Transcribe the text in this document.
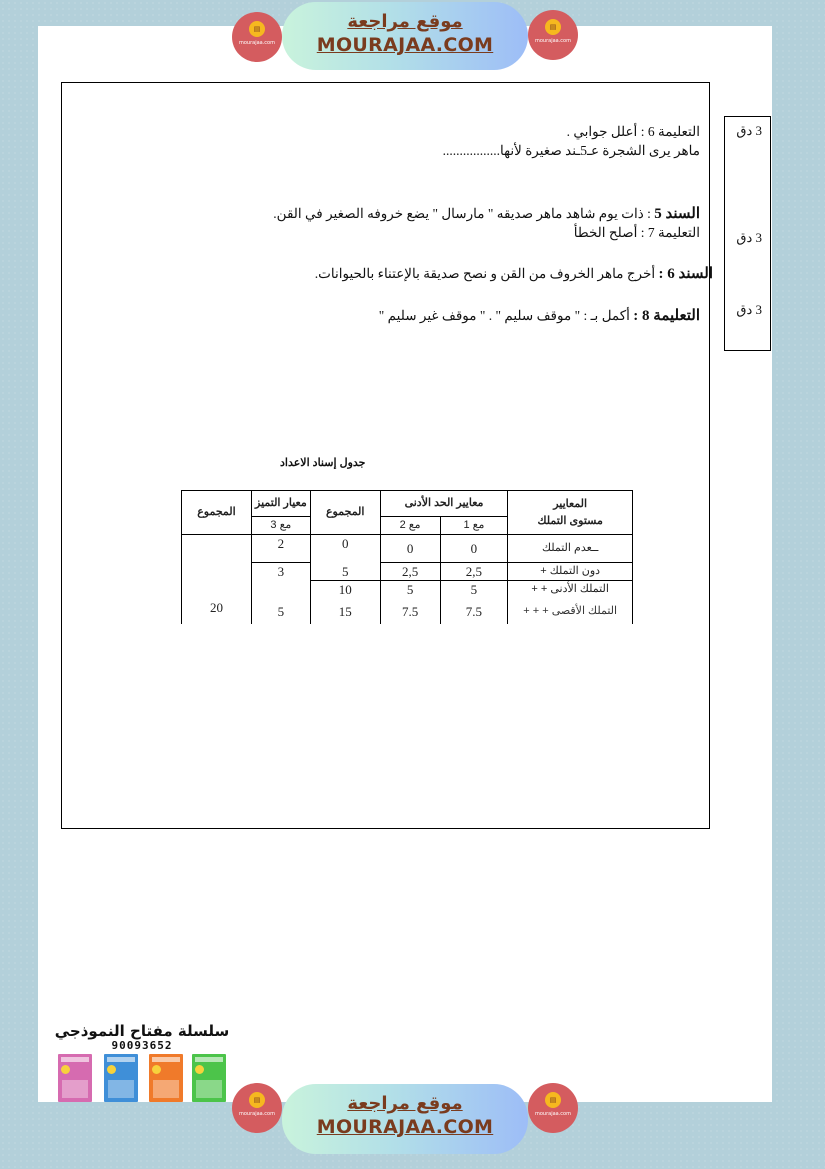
▤
mourajaa.com
موقع مراجعة
MOURAJAA.COM
▤
mourajaa.com
3 دق
3 دق
3 دق
التعليمة 6 : أعلل جوابي .
ماهر يرى الشجرة عـ5ـند صغيرة لأنها.................
السند 5 : ذات يوم شاهد ماهر صديقه " مارسال " يضع خروفه الصغير في القن.
التعليمة 7 : أصلح الخطأ
السند 6 : أخرج ماهر الخروف من القن و نصح صديقة بالإعتناء بالحيوانات.
التعليمة 8 : أكمل بـ : " موقف سليم " . " موقف غير سليم "
جدول إسناد الاعداد
المعايير
مستوى التملك	معايير الحد الأدنى		المجموع	معيار التميز	المجموع
	مع 1	مع 2		مع 3	
ــعدم التملك	0	0	0	2	20
دون التملك +	2,5	2,5	5	3	
التملك الأدنى + +	5	5	10		
التملك الأقصى + + +	7.5	7.5	15	5	
سلسلة مفتاح النموذجي
90093652
▤
mourajaa.com	موقع مراجعة
MOURAJAA.COM
▤
mourajaa.com
